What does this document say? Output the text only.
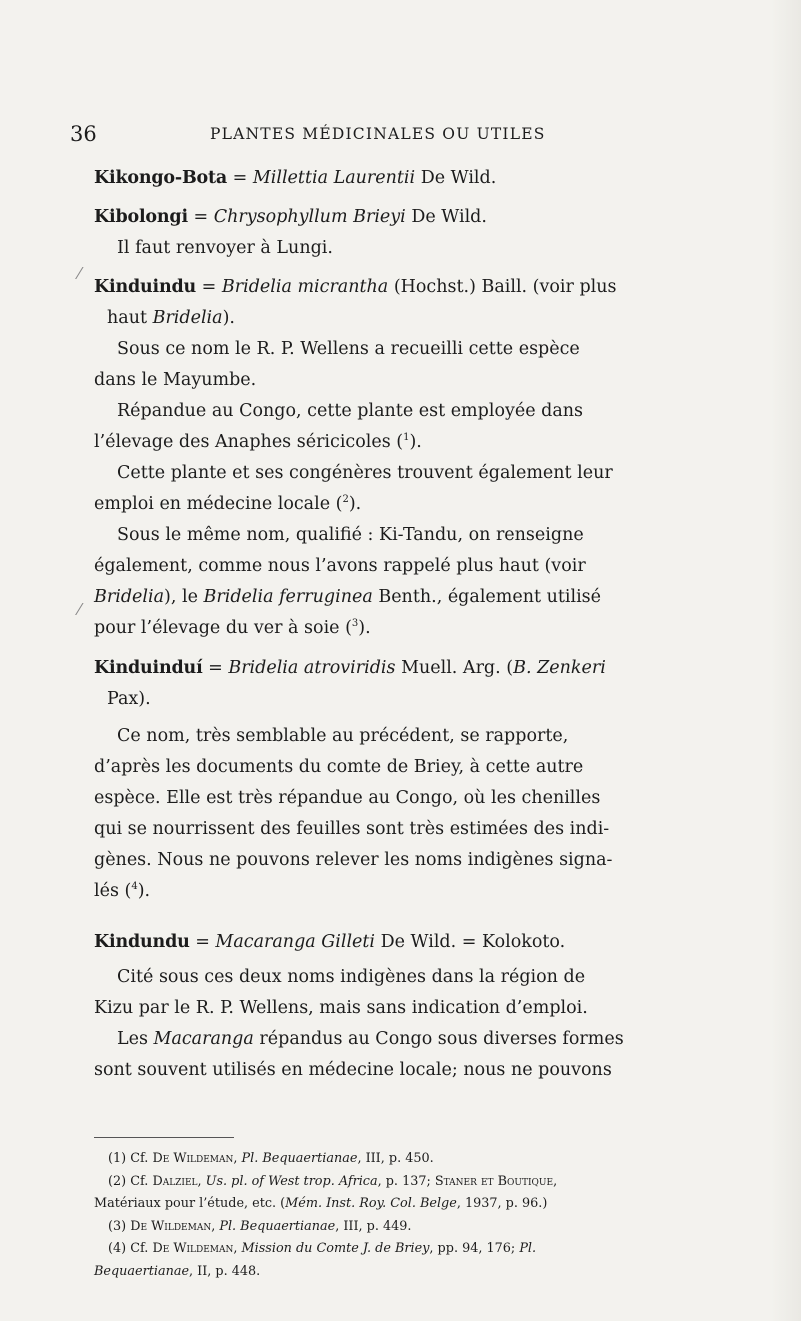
36	PLANTES MÉDICINALES OU UTILES
⁄
⁄
Kikongo-Bota = Millettia Laurentii De Wild.
Kibolongi = Chrysophyllum Brieyi De Wild.
Il faut renvoyer à Lungi.
Kinduindu = Bridelia micrantha (Hochst.) Baill. (voir plus
haut Bridelia).
Sous ce nom le R. P. Wellens a recueilli cette espèce
dans le Mayumbe.
Répandue au Congo, cette plante est employée dans
l’élevage des Anaphes séricicoles ($^1$).
Cette plante et ses congénères trouvent également leur
emploi en médecine locale ($^2$).
Sous le même nom, qualifié : Ki-Tandu, on renseigne
également, comme nous l’avons rappelé plus haut (voir
Bridelia), le Bridelia ferruginea Benth., également utilisé
pour l’élevage du ver à soie ($^3$).
Kinduinduí = Bridelia atroviridis Muell. Arg. (B. Zenkeri
Pax).
Ce nom, très semblable au précédent, se rapporte,
d’après les documents du comte de Briey, à cette autre
espèce. Elle est très répandue au Congo, où les chenilles
qui se nourrissent des feuilles sont très estimées des indi-
gènes. Nous ne pouvons relever les noms indigènes signa-
lés ($^4$).
Kindundu = Macaranga Gilleti De Wild. = Kolokoto.
Cité sous ces deux noms indigènes dans la région de
Kizu par le R. P. Wellens, mais sans indication d’emploi.
Les Macaranga répandus au Congo sous diverses formes
sont souvent utilisés en médecine locale; nous ne pouvons
(1) Cf. De Wildeman, Pl. Bequaertianae, III, p. 450.
(2) Cf. Dalziel, Us. pl. of West trop. Africa, p. 137; Staner et Boutique,
Matériaux pour l’étude, etc. (Mém. Inst. Roy. Col. Belge, 1937, p. 96.)
(3) De Wildeman, Pl. Bequaertianae, III, p. 449.
(4) Cf. De Wildeman, Mission du Comte J. de Briey, pp. 94, 176; Pl.
Bequaertianae, II, p. 448.
